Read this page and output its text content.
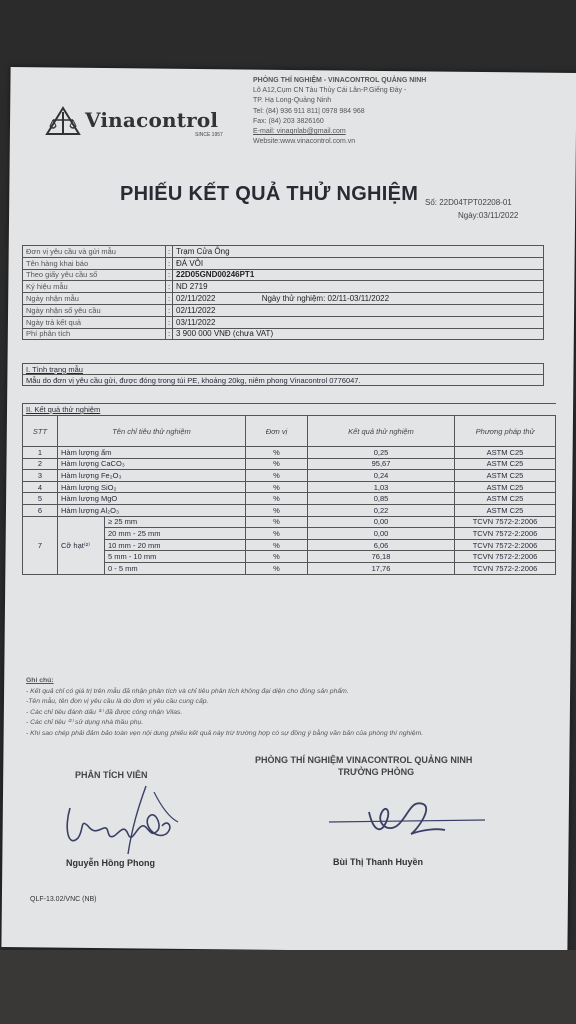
Vinacontrol
SINCE 1957
PHÒNG THÍ NGHIỆM - VINACONTROL QUẢNG NINH
Lô A12,Cụm CN Tàu Thủy Cái Lân-P.Giếng Đáy -
TP. Hạ Long-Quảng Ninh
Tel: (84) 936 911 811| 0978 984 968
Fax: (84) 203 3826160
E-mail: vinaqnlab@gmail.com
Website:www.vinacontrol.com.vn
PHIẾU KẾT QUẢ THỬ NGHIỆM Số: 22D04TPT02208-01
Ngày:03/11/2022
Đơn vị yêu cầu và gửi mẫu	:	Trạm Cửa Ông
Tên hàng khai báo	:	ĐÁ VÔI
Theo giấy yêu cầu số	:	22D05GND00246PT1
Ký hiệu mẫu	:	ND 2719
Ngày nhận mẫu	:	02/11/2022 Ngày thử nghiệm: 02/11-03/11/2022
Ngày nhận số yêu cầu	:	02/11/2022
Ngày trả kết quả	:	03/11/2022
Phí phân tích	:	3 900 000 VNĐ (chưa VAT)
I. Tình trạng mẫu
Mẫu do đơn vị yêu cầu gửi, được đóng trong túi PE, khoảng 20kg, niêm phong Vinacontrol 0776047.
II. Kết quả thử nghiệm					
STT	Tên chỉ tiêu thử nghiệm		Đơn vị	Kết quả thử nghiệm	Phương pháp thử
1	Hàm lượng ẩm		%	0,25	ASTM C25
2	Hàm lượng CaCO₃		%	95,67	ASTM C25
3	Hàm lượng Fe₂O₃		%	0,24	ASTM C25
4	Hàm lượng SiO₂		%	1,03	ASTM C25
5	Hàm lượng MgO		%	0,85	ASTM C25
6	Hàm lượng Al₂O₃		%	0,22	ASTM C25
7	Cỡ hạt⁽²⁾	≥ 25 mm	%	0,00	TCVN 7572-2:2006
		20 mm - 25 mm	%	0,00	TCVN 7572-2:2006
		10 mm - 20 mm	%	6,06	TCVN 7572-2:2006
		5 mm - 10 mm	%	76,18	TCVN 7572-2:2006
		0 - 5 mm	%	17,76	TCVN 7572-2:2006
Ghi chú:
- Kết quả chỉ có giá trị trên mẫu đã nhận phân tích và chỉ tiêu phân tích không đại diện cho đóng sản phẩm.
-Tên mẫu, tên đơn vị yêu cầu là do đơn vị yêu cầu cung cấp.
- Các chỉ tiêu đánh dấu ⁽¹⁾ đã được công nhận Vilas.
- Các chỉ tiêu ⁽²⁾ sử dụng nhà thầu phụ.
- Khi sao chép phải đảm bảo toàn vẹn nội dung phiếu kết quả này trừ trường hợp có sự đồng ý bằng văn bản của phòng thí nghiệm.
PHÒNG THÍ NGHIỆM VINACONTROL QUẢNG NINH
TRƯỞNG PHÒNG
PHÂN TÍCH VIÊN
Nguyễn Hồng Phong	Bùi Thị Thanh Huyền
QLF-13.02/VNC (NB)
